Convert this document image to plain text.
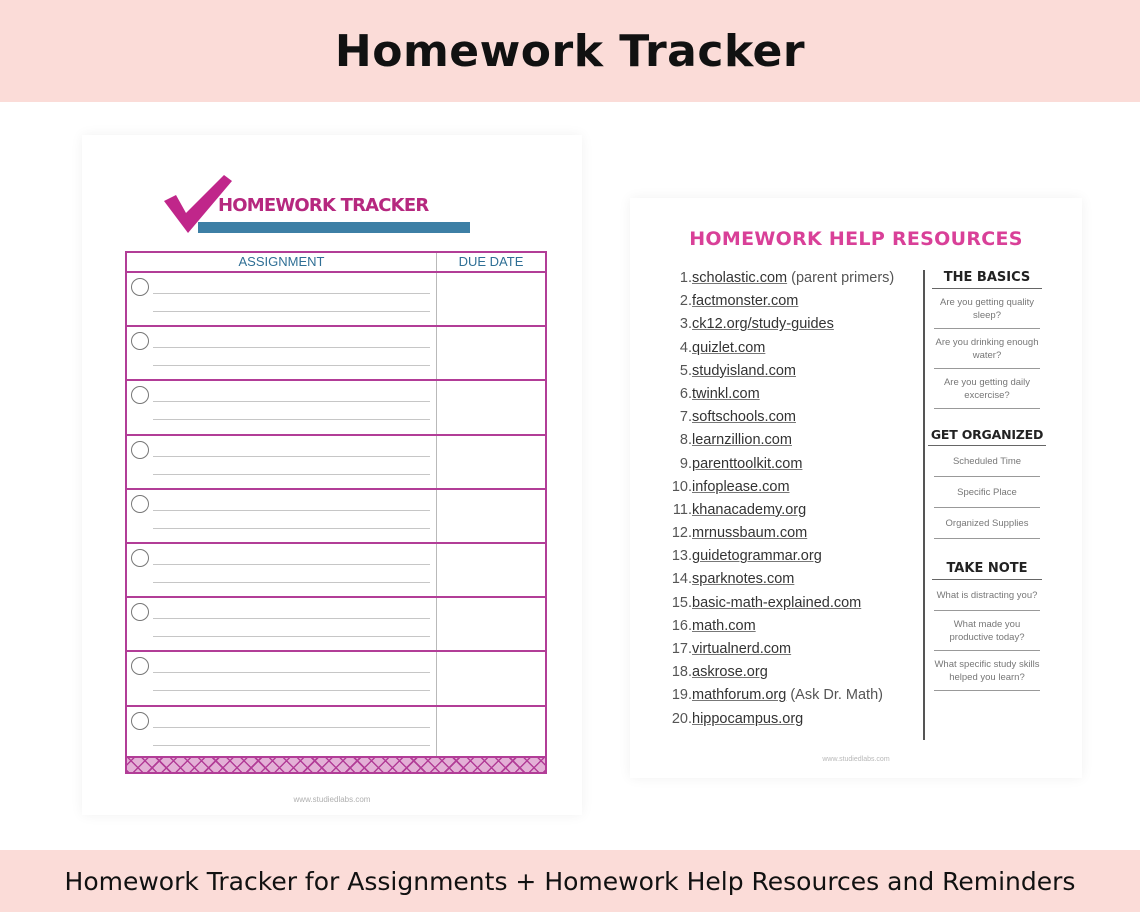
Homework Tracker
HOMEWORK TRACKER
ASSIGNMENT	DUE DATE
www.studiedlabs.com
HOMEWORK HELP RESOURCES
1.scholastic.com (parent primers)
2.factmonster.com
3.ck12.org/study-guides
4.quizlet.com
5.studyisland.com
6.twinkl.com
7.softschools.com
8.learnzillion.com
9.parenttoolkit.com
10.infoplease.com
11.khanacademy.org
12.mrnussbaum.com
13.guidetogrammar.org
14.sparknotes.com
15.basic-math-explained.com
16.math.com
17.virtualnerd.com
18.askrose.org
19.mathforum.org (Ask Dr. Math)
20.hippocampus.org
THE BASICS
Are you getting quality sleep?
Are you drinking enough water?
Are you getting daily excercise?
GET ORGANIZED
Scheduled Time
Specific Place
Organized Supplies
TAKE NOTE
What is distracting you?
What made you productive today?
What specific study skills helped you learn?
www.studiedlabs.com

Homework Tracker for Assignments + Homework Help Resources and Reminders
